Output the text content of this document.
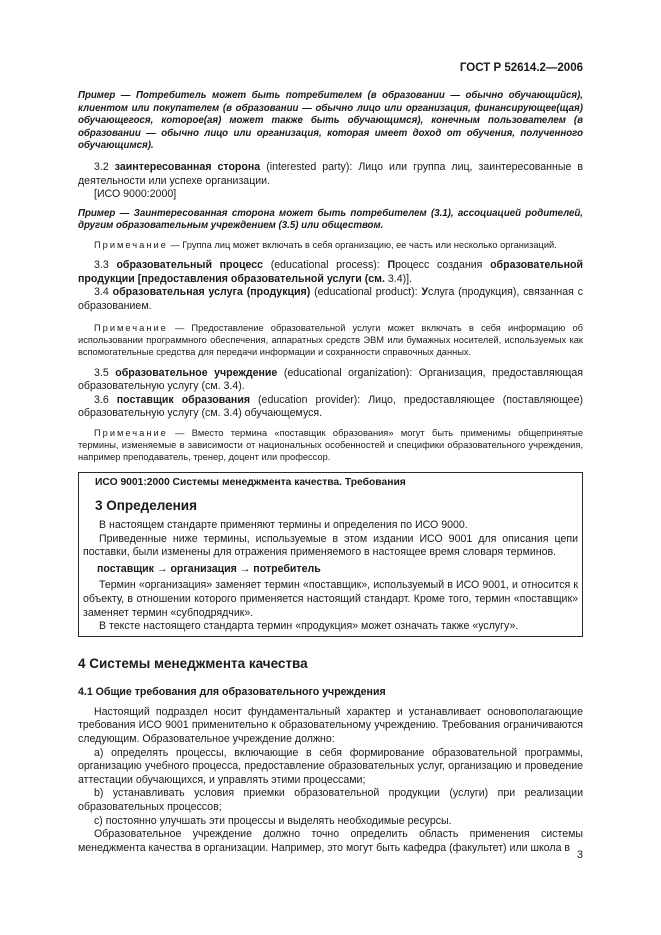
ГОСТ Р 52614.2—2006

Пример — Потребитель может быть потребителем (в образовании — обычно обучающийся), клиентом или покупателем (в образовании — обычно лицо или организация, финансирующее(щая) обучающегося, которое(ая) может также быть обучающимся), конечным пользователем (в образовании — обычно лицо или организация, которая имеет доход от обучения, полученного обучающимся).

3.2 заинтересованная сторона (interested party): Лицо или группа лиц, заинтересованные в деятельности или успехе организации.

[ИСО 9000:2000]

Пример — Заинтересованная сторона может быть потребителем (3.1), ассоциацией родителей, другим образовательным учреждением (3.5) или обществом.

Примечание — Группа лиц может включать в себя организацию, ее часть или несколько организаций.

3.3 образовательный процесс (educational process): Процесс создания образовательной продукции [предоставления образовательной услуги (см. 3.4)].

3.4 образовательная услуга (продукция) (educational product): Услуга (продукция), связанная с образованием.

Примечание — Предоставление образовательной услуги может включать в себя информацию об использовании программного обеспечения, аппаратных средств ЭВМ или бумажных носителей, используемых как вспомогательные средства для передачи информации и сохранности справочных данных.

3.5 образовательное учреждение (educational organization): Организация, предоставляющая образовательную услугу (см. 3.4).

3.6 поставщик образования (education provider): Лицо, предоставляющее (поставляющее) образовательную услугу (см. 3.4) обучающемуся.

Примечание — Вместо термина «поставщик образования» могут быть применимы общепринятые термины, изменяемые в зависимости от национальных особенностей и специфики образовательного учреждения, например преподаватель, тренер, доцент или профессор.

ИСО 9001:2000 Системы менеджмента качества. Требования
3 Определения

В настоящем стандарте применяют термины и определения по ИСО 9000.

Приведенные ниже термины, используемые в этом издании ИСО 9001 для описания цепи поставки, были изменены для отражения применяемого в настоящее время словаря терминов.

поставщик → организация → потребитель

Термин «организация» заменяет термин «поставщик», используемый в ИСО 9001, и относится к объекту, в отношении которого применяется настоящий стандарт. Кроме того, термин «поставщик» заменяет термин «субподрядчик».

В тексте настоящего стандарта термин «продукция» может означать также «услугу».

4 Системы менеджмента качества
4.1 Общие требования для образовательного учреждения

Настоящий подраздел носит фундаментальный характер и устанавливает основополагающие требования ИСО 9001 применительно к образовательному учреждению. Требования ограничиваются следующим. Образовательное учреждение должно:

a) определять процессы, включающие в себя формирование образовательной программы, организацию учебного процесса, предоставление образовательных услуг, организацию и проведение аттестации обучающихся, и управлять этими процессами;

b) устанавливать условия приемки образовательной продукции (услуги) при реализации образовательных процессов;

c) постоянно улучшать эти процессы и выделять необходимые ресурсы.

Образовательное учреждение должно точно определить область применения системы менеджмента качества в организации. Например, это могут быть кафедра (факультет) или школа в

3
